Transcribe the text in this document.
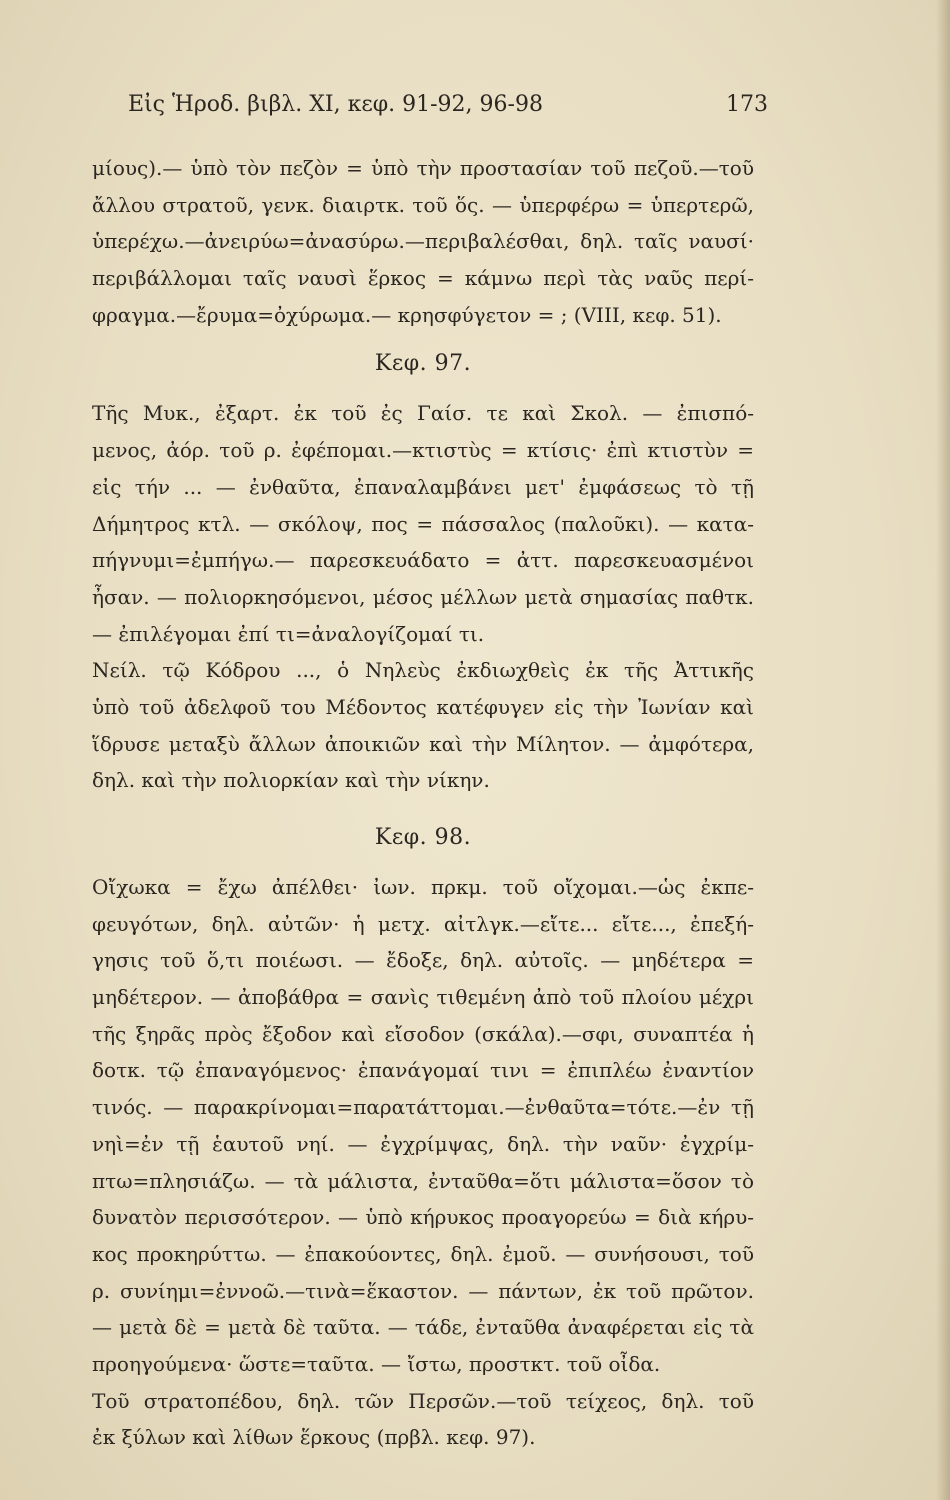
Εἰς Ἡροδ. βιβλ. XI, κεφ. 91-92, 96-98	173
μίους).— ὑπὸ τὸν πεζὸν = ὑπὸ τὴν προστασίαν τοῦ πεζοῦ.—τοῦ
ἄλλου στρατοῦ, γενκ. διαιρτκ. τοῦ ὅς. — ὑπερφέρω = ὑπερτερῶ,
ὑπερέχω.—ἀνειρύω=ἀνασύρω.—περιβαλέσθαι, δηλ. ταῖς ναυσί·
περιβάλλομαι ταῖς ναυσὶ ἕρκος = κάμνω περὶ τὰς ναῦς περί-
φραγμα.—ἔρυμα=ὀχύρωμα.— κρησφύγετον = ; (VIII, κεφ. 51).
Κεφ. 97.
Τῆς Μυκ., ἐξαρτ. ἐκ τοῦ ἐς Γαίσ. τε καὶ Σκολ. — ἐπισπό-
μενος, ἀόρ. τοῦ ρ. ἐφέπομαι.—κτιστὺς = κτίσις· ἐπὶ κτιστὺν =
εἰς τήν ... — ἐνθαῦτα, ἐπαναλαμβάνει μετ' ἐμφάσεως τὸ τῇ
Δήμητρος κτλ. — σκόλοψ, πος = πάσσαλος (παλοῦκι). — κατα-
πήγνυμι=ἐμπήγω.— παρεσκευάδατο = ἀττ. παρεσκευασμένοι
ἦσαν. — πολιορκησόμενοι, μέσος μέλλων μετὰ σημασίας παθτκ.
— ἐπιλέγομαι ἐπί τι=ἀναλογίζομαί τι.
Νείλ. τῷ Κόδρου ..., ὁ Νηλεὺς ἐκδιωχθεὶς ἐκ τῆς Ἀττικῆς
ὑπὸ τοῦ ἀδελφοῦ του Μέδοντος κατέφυγεν εἰς τὴν Ἰωνίαν καὶ
ἵδρυσε μεταξὺ ἄλλων ἀποικιῶν καὶ τὴν Μίλητον. — ἀμφότερα,
δηλ. καὶ τὴν πολιορκίαν καὶ τὴν νίκην.
Κεφ. 98.
Οἴχωκα = ἔχω ἀπέλθει· ἰων. πρκμ. τοῦ οἴχομαι.—ὡς ἐκπε-
φευγότων, δηλ. αὐτῶν· ἡ μετχ. αἰτλγκ.—εἴτε... εἴτε..., ἐπεξή-
γησις τοῦ ὅ,τι ποιέωσι. — ἔδοξε, δηλ. αὐτοῖς. — μηδέτερα =
μηδέτερον. — ἀποβάθρα = σανὶς τιθεμένη ἀπὸ τοῦ πλοίου μέχρι
τῆς ξηρᾶς πρὸς ἔξοδον καὶ εἴσοδον (σκάλα).—σφι, συναπτέα ἡ
δοτκ. τῷ ἐπαναγόμενος· ἐπανάγομαί τινι = ἐπιπλέω ἐναντίον
τινός. — παρακρίνομαι=παρατάττομαι.—ἐνθαῦτα=τότε.—ἐν τῇ
νηὶ=ἐν τῇ ἑαυτοῦ νηί. — ἐγχρίμψας, δηλ. τὴν ναῦν· ἐγχρίμ-
πτω=πλησιάζω. — τὰ μάλιστα, ἐνταῦθα=ὅτι μάλιστα=ὅσον τὸ
δυνατὸν περισσότερον. — ὑπὸ κήρυκος προαγορεύω = διὰ κήρυ-
κος προκηρύττω. — ἐπακούοντες, δηλ. ἐμοῦ. — συνήσουσι, τοῦ
ρ. συνίημι=ἐννοῶ.—τινὰ=ἕκαστον. — πάντων, ἐκ τοῦ πρῶτον.
— μετὰ δὲ = μετὰ δὲ ταῦτα. — τάδε, ἐνταῦθα ἀναφέρεται εἰς τὰ
προηγούμενα· ὥστε=ταῦτα. — ἴστω, προστκτ. τοῦ οἶδα.
Τοῦ στρατοπέδου, δηλ. τῶν Περσῶν.—τοῦ τείχεος, δηλ. τοῦ
ἐκ ξύλων καὶ λίθων ἕρκους (πρβλ. κεφ. 97).
